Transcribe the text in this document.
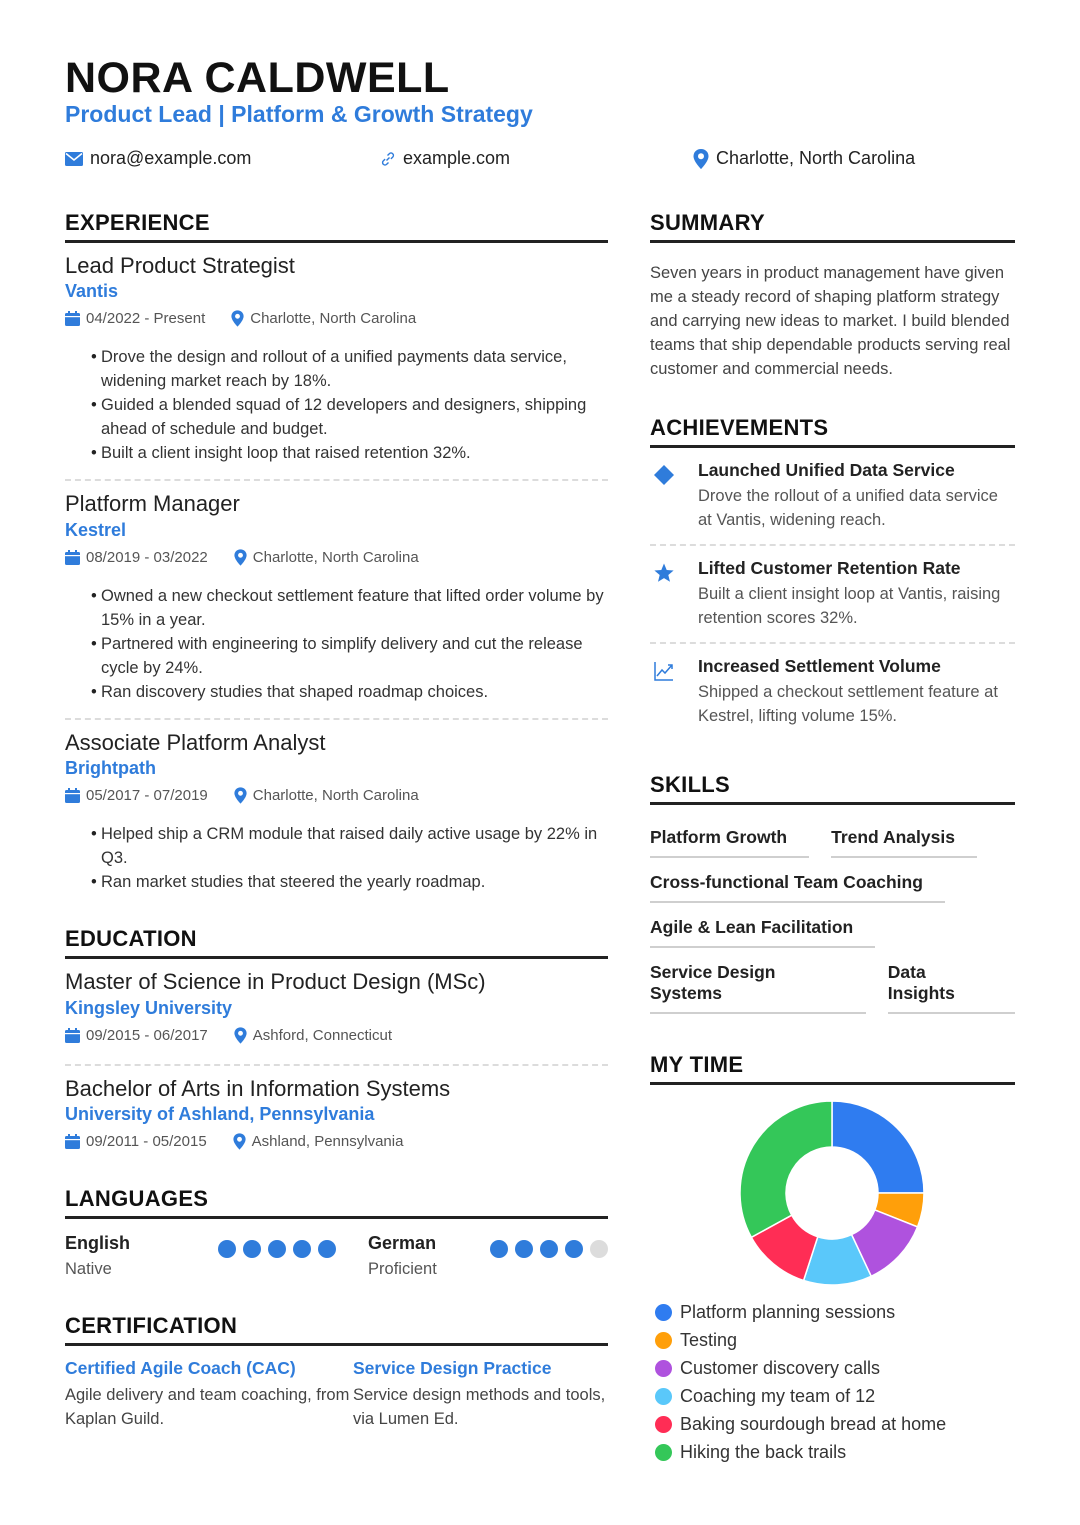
NORA CALDWELL

Product Lead | Platform & Growth Strategy

nora@example.com	example.com	Charlotte, North Carolina
EXPERIENCE

Lead Product Strategist

Vantis

04/2022 - Present	Charlotte, North Carolina
• Drove the design and rollout of a unified payments data service, widening market reach by 18%.
• Guided a blended squad of 12 developers and designers, shipping ahead of schedule and budget.
• Built a client insight loop that raised retention 32%.

Platform Manager

Kestrel

08/2019 - 03/2022	Charlotte, North Carolina
• Owned a new checkout settlement feature that lifted order volume by 15% in a year.
• Partnered with engineering to simplify delivery and cut the release cycle by 24%.
• Ran discovery studies that shaped roadmap choices.

Associate Platform Analyst

Brightpath

05/2017 - 07/2019	Charlotte, North Carolina
• Helped ship a CRM module that raised daily active usage by 22% in Q3.
• Ran market studies that steered the yearly roadmap.
EDUCATION

Master of Science in Product Design (MSc)

Kingsley University

09/2015 - 06/2017	Ashford, Connecticut

Bachelor of Arts in Information Systems

University of Ashland, Pennsylvania

09/2011 - 05/2015	Ashland, Pennsylvania
LANGUAGES

English

Native

German

Proficient

CERTIFICATION

Certified Agile Coach (CAC)

Agile delivery and team coaching, from Kaplan Guild.

Service Design Practice

Service design methods and tools, via Lumen Ed.

SUMMARY

Seven years in product management have given me a steady record of shaping platform strategy and carrying new ideas to market. I build blended teams that ship dependable products serving real customer and commercial needs.

ACHIEVEMENTS

Launched Unified Data Service

Drove the rollout of a unified data service at Vantis, widening reach.

Lifted Customer Retention Rate

Built a client insight loop at Vantis, raising retention scores 32%.

Increased Settlement Volume

Shipped a checkout settlement feature at Kestrel, lifting volume 15%.

SKILLS
Platform Growth	Trend Analysis
Cross-functional Team Coaching
Agile & Lean Facilitation
Service Design Systems
Data Insights
MY TIME
Platform planning sessions
Testing
Customer discovery calls
Coaching my team of 12
Baking sourdough bread at home
Hiking the back trails
